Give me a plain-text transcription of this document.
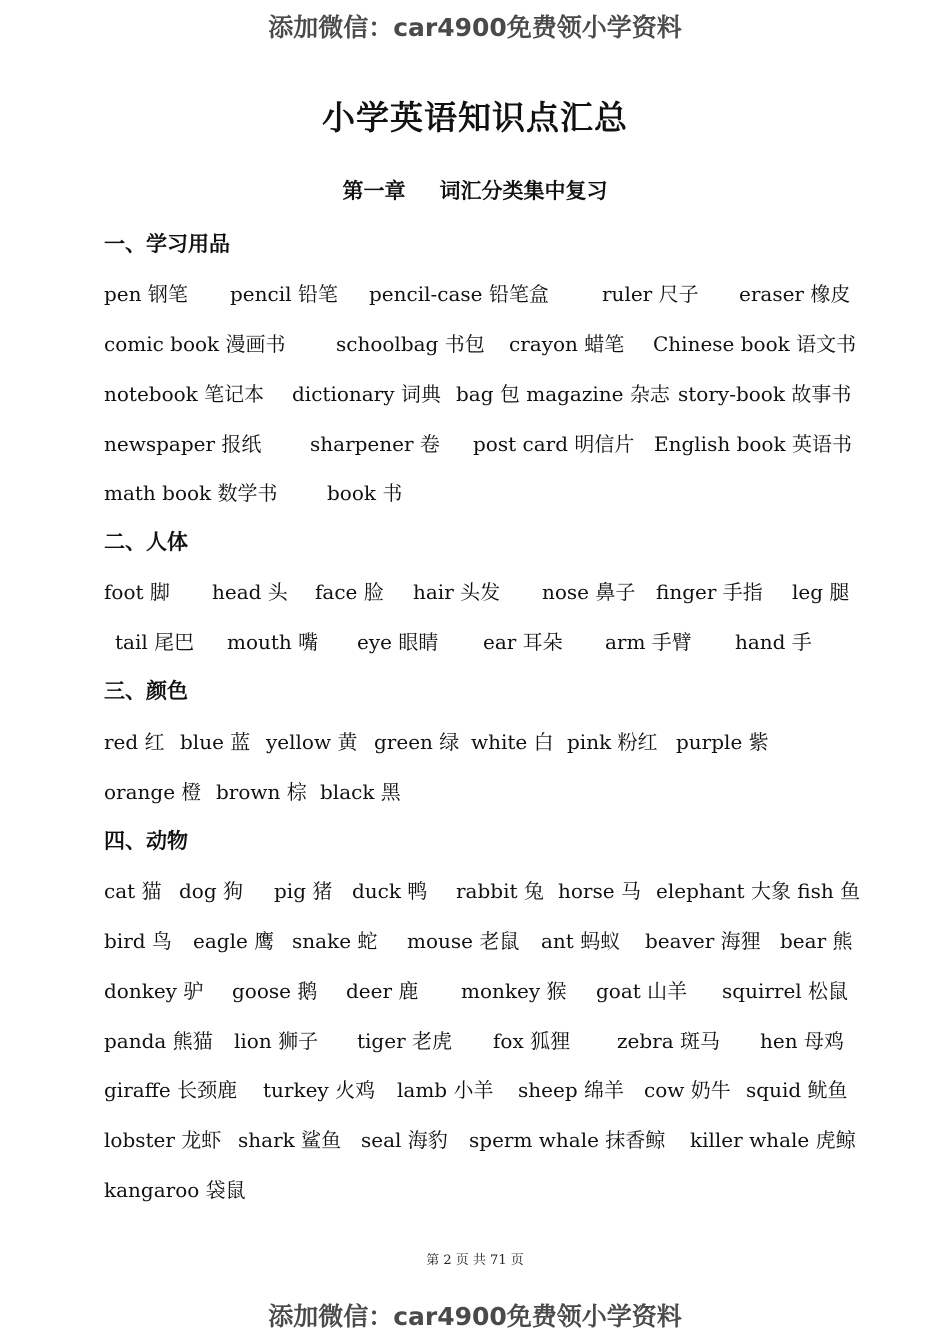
添加微信：car4900免费领小学资料
小学英语知识点汇总
第一章 词汇分类集中复习
一、学习用品
pen 钢笔 pencil 铅笔 pencil-case 铅笔盒	ruler 尺子 eraser 橡皮
comic book 漫画书	schoolbag 书包 crayon 蜡笔 Chinese book 语文书
notebook 笔记本 dictionary 词典 bag 包 magazine 杂志 story-book 故事书
newspaper 报纸 sharpener 卷 post card 明信片 English book 英语书
math book 数学书 book 书
二、人体
foot 脚 head 头 face 脸 hair 头发 nose 鼻子 finger 手指 leg 腿
tail 尾巴 mouth 嘴 eye 眼睛 ear 耳朵 arm 手臂 hand 手
三、颜色
red 红 blue 蓝 yellow 黄 green 绿 white 白 pink 粉红 purple 紫
orange 橙 brown 棕 black 黑
四、动物
cat 猫 dog 狗 pig 猪 duck 鸭 rabbit 兔 horse 马 elephant 大象 fish 鱼
bird 鸟 eagle 鹰 snake 蛇 mouse 老鼠 ant 蚂蚁 beaver 海狸 bear 熊
donkey 驴 goose 鹅 deer 鹿 monkey 猴 goat 山羊 squirrel 松鼠
panda 熊猫 lion 狮子 tiger 老虎 fox 狐狸 zebra 斑马 hen 母鸡
giraffe 长颈鹿 turkey 火鸡 lamb 小羊 sheep 绵羊 cow 奶牛 squid 鱿鱼
lobster 龙虾 shark 鲨鱼 seal 海豹 sperm whale 抹香鲸 killer whale 虎鲸
kangaroo 袋鼠
第 2 页 共 71 页
添加微信：car4900免费领小学资料
